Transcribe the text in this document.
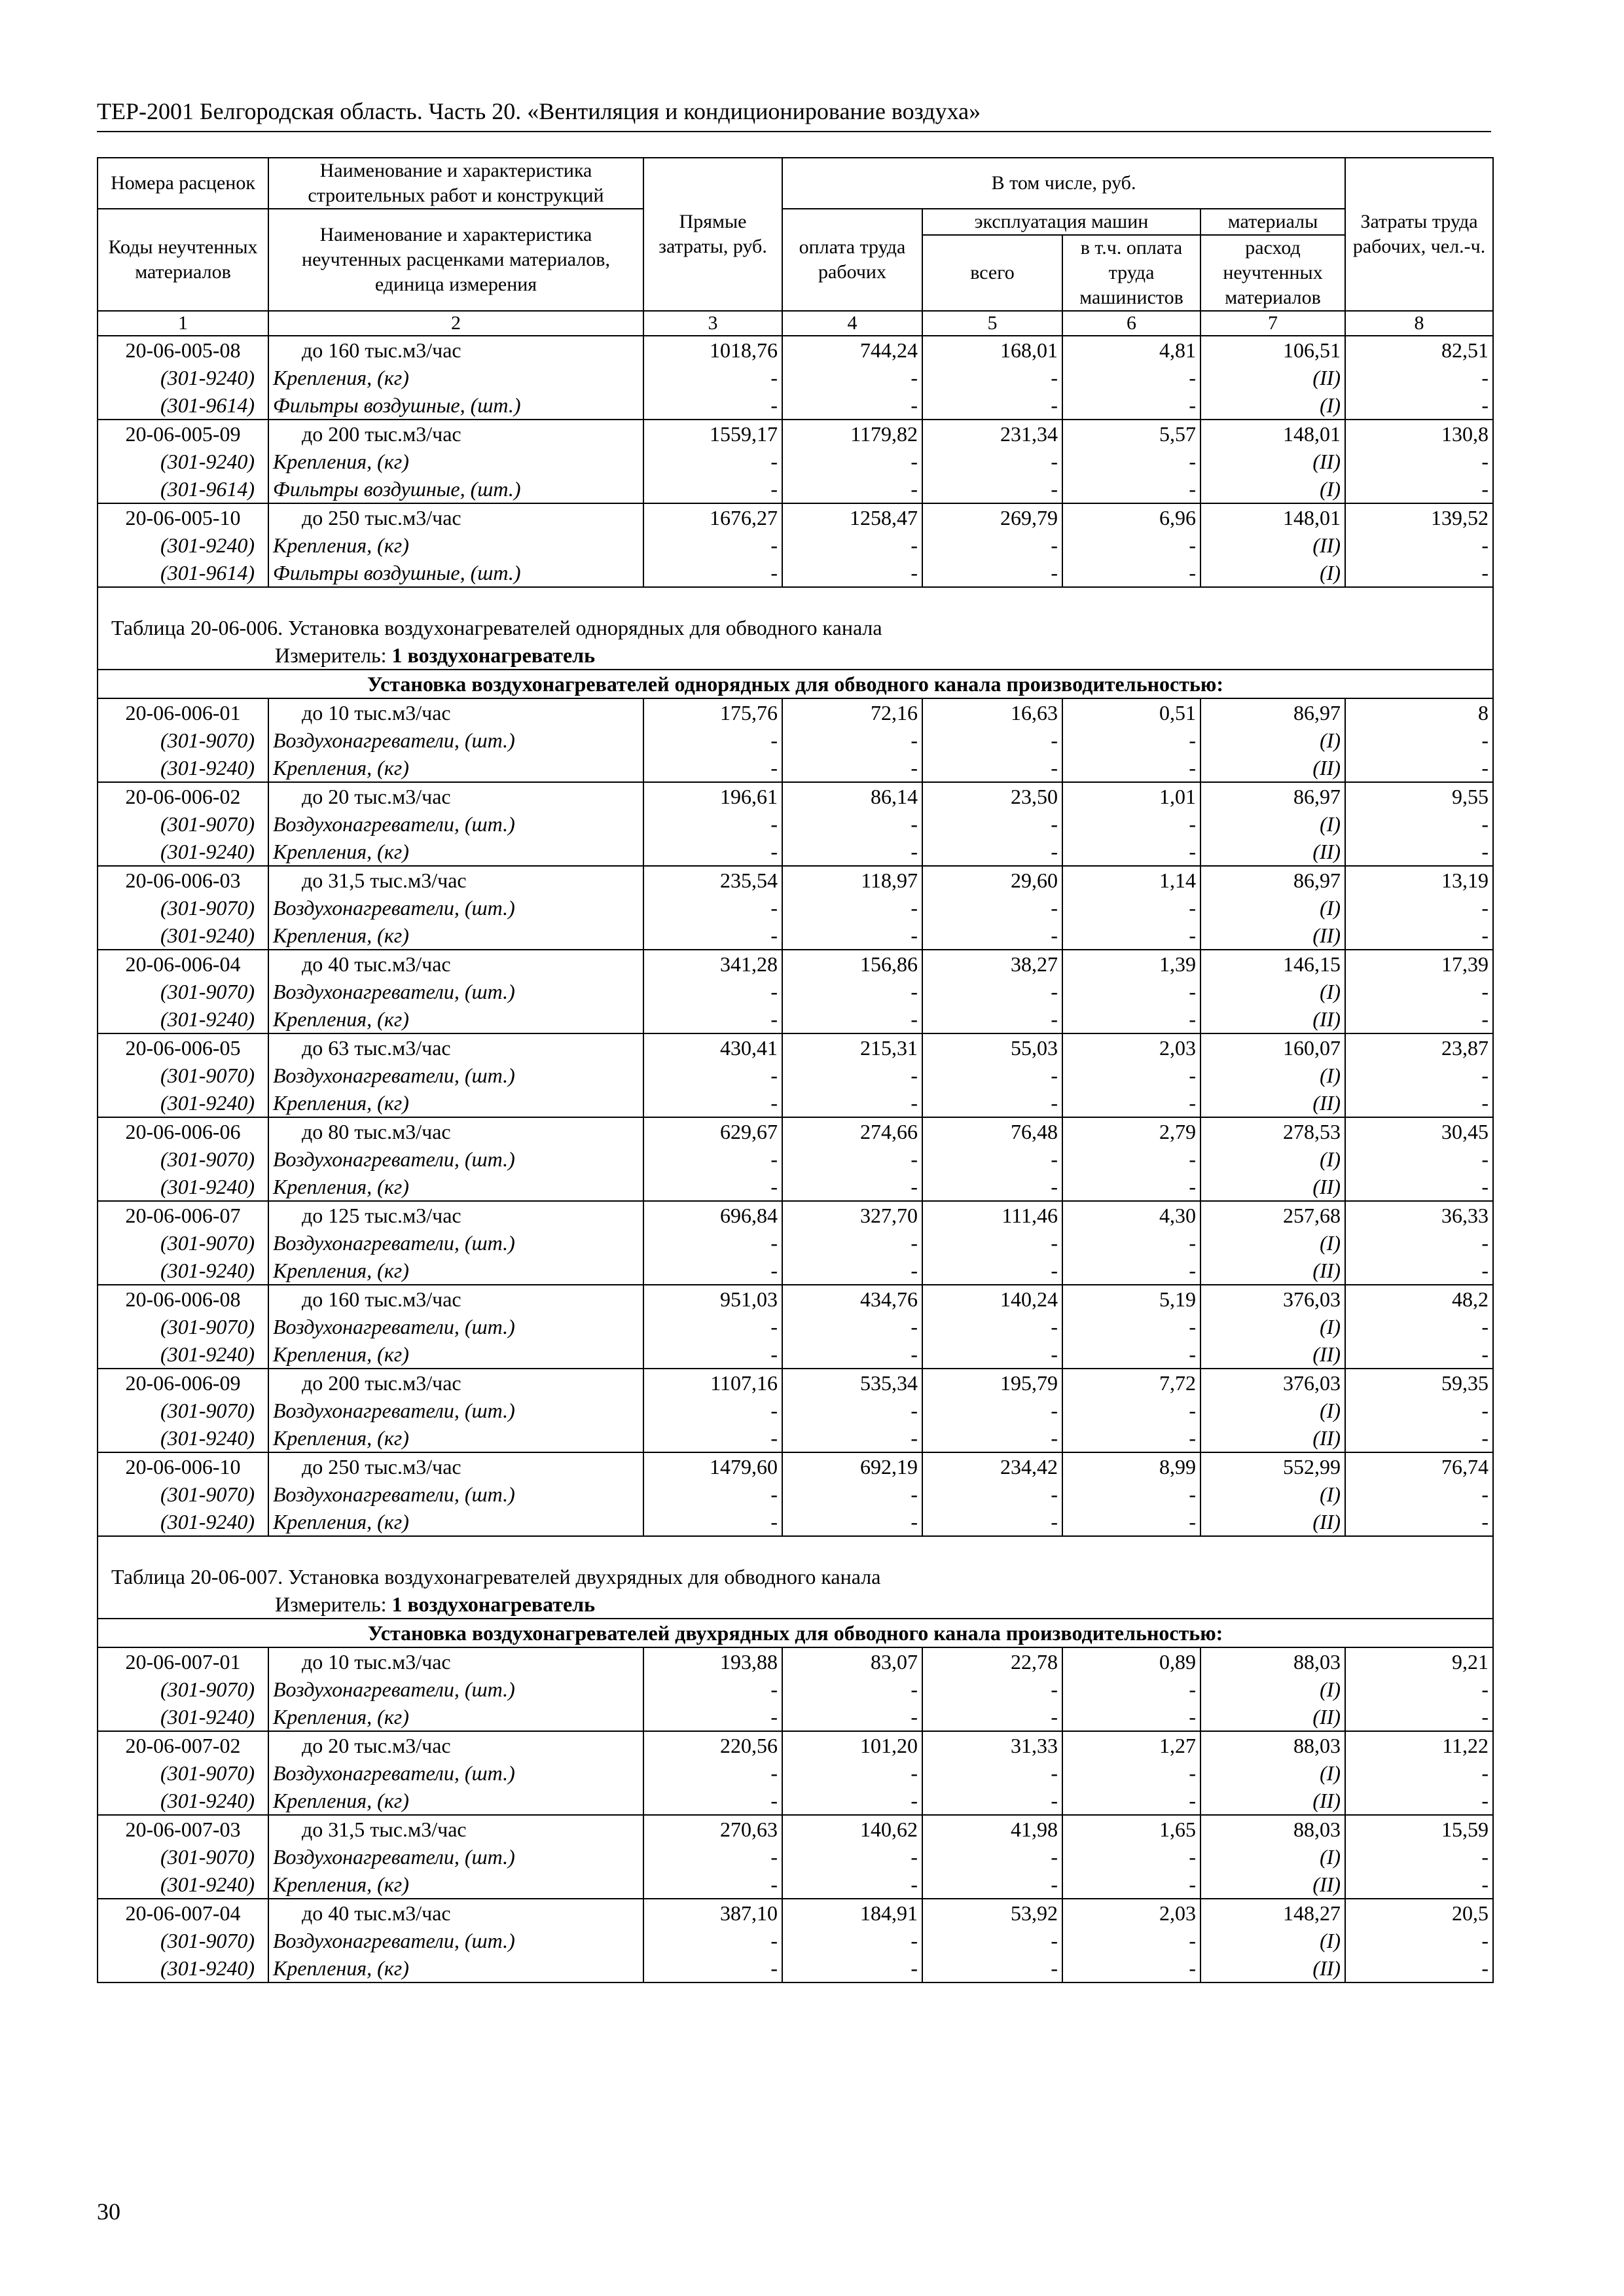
ТЕР-2001 Белгородская область. Часть 20. «Вентиляция и кондиционирование воздуха»
Номера расценок	Наименование и характеристика строительных работ и конструкций	Прямые затраты, руб.	В том числе, руб.				Затраты труда рабочих, чел.-ч.
Коды неучтенных материалов	Наименование и характеристика неучтенных расценками материалов, единица измерения		оплата труда рабочих	эксплуатация машин		материалы	
				всего	в т.ч. оплата труда машинистов	расход неучтенных материалов	
1	2	3	4	5	6	7	8
20-06-005-08	до 160 тыс.м3/час	1018,76	744,24	168,01	4,81	106,51	82,51
(301-9240)	Крепления, (кг)	-	-	-	-	(II)	-
(301-9614)	Фильтры воздушные, (шт.)	-	-	-	-	(I)	-
20-06-005-09	до 200 тыс.м3/час	1559,17	1179,82	231,34	5,57	148,01	130,8
(301-9240)	Крепления, (кг)	-	-	-	-	(II)	-
(301-9614)	Фильтры воздушные, (шт.)	-	-	-	-	(I)	-
20-06-005-10	до 250 тыс.м3/час	1676,27	1258,47	269,79	6,96	148,01	139,52
(301-9240)	Крепления, (кг)	-	-	-	-	(II)	-
(301-9614)	Фильтры воздушные, (шт.)	-	-	-	-	(I)	-
Таблица 20-06-006. Установка воздухонагревателей однорядных для обводного канала							
Измеритель: 1 воздухонагреватель							
Установка воздухонагревателей однорядных для обводного канала производительностью:							
20-06-006-01	до 10 тыс.м3/час	175,76	72,16	16,63	0,51	86,97	8
(301-9070)	Воздухонагреватели, (шт.)	-	-	-	-	(I)	-
(301-9240)	Крепления, (кг)	-	-	-	-	(II)	-
20-06-006-02	до 20 тыс.м3/час	196,61	86,14	23,50	1,01	86,97	9,55
(301-9070)	Воздухонагреватели, (шт.)	-	-	-	-	(I)	-
(301-9240)	Крепления, (кг)	-	-	-	-	(II)	-
20-06-006-03	до 31,5 тыс.м3/час	235,54	118,97	29,60	1,14	86,97	13,19
(301-9070)	Воздухонагреватели, (шт.)	-	-	-	-	(I)	-
(301-9240)	Крепления, (кг)	-	-	-	-	(II)	-
20-06-006-04	до 40 тыс.м3/час	341,28	156,86	38,27	1,39	146,15	17,39
(301-9070)	Воздухонагреватели, (шт.)	-	-	-	-	(I)	-
(301-9240)	Крепления, (кг)	-	-	-	-	(II)	-
20-06-006-05	до 63 тыс.м3/час	430,41	215,31	55,03	2,03	160,07	23,87
(301-9070)	Воздухонагреватели, (шт.)	-	-	-	-	(I)	-
(301-9240)	Крепления, (кг)	-	-	-	-	(II)	-
20-06-006-06	до 80 тыс.м3/час	629,67	274,66	76,48	2,79	278,53	30,45
(301-9070)	Воздухонагреватели, (шт.)	-	-	-	-	(I)	-
(301-9240)	Крепления, (кг)	-	-	-	-	(II)	-
20-06-006-07	до 125 тыс.м3/час	696,84	327,70	111,46	4,30	257,68	36,33
(301-9070)	Воздухонагреватели, (шт.)	-	-	-	-	(I)	-
(301-9240)	Крепления, (кг)	-	-	-	-	(II)	-
20-06-006-08	до 160 тыс.м3/час	951,03	434,76	140,24	5,19	376,03	48,2
(301-9070)	Воздухонагреватели, (шт.)	-	-	-	-	(I)	-
(301-9240)	Крепления, (кг)	-	-	-	-	(II)	-
20-06-006-09	до 200 тыс.м3/час	1107,16	535,34	195,79	7,72	376,03	59,35
(301-9070)	Воздухонагреватели, (шт.)	-	-	-	-	(I)	-
(301-9240)	Крепления, (кг)	-	-	-	-	(II)	-
20-06-006-10	до 250 тыс.м3/час	1479,60	692,19	234,42	8,99	552,99	76,74
(301-9070)	Воздухонагреватели, (шт.)	-	-	-	-	(I)	-
(301-9240)	Крепления, (кг)	-	-	-	-	(II)	-
Таблица 20-06-007. Установка воздухонагревателей двухрядных для обводного канала							
Измеритель: 1 воздухонагреватель							
Установка воздухонагревателей двухрядных для обводного канала производительностью:							
20-06-007-01	до 10 тыс.м3/час	193,88	83,07	22,78	0,89	88,03	9,21
(301-9070)	Воздухонагреватели, (шт.)	-	-	-	-	(I)	-
(301-9240)	Крепления, (кг)	-	-	-	-	(II)	-
20-06-007-02	до 20 тыс.м3/час	220,56	101,20	31,33	1,27	88,03	11,22
(301-9070)	Воздухонагреватели, (шт.)	-	-	-	-	(I)	-
(301-9240)	Крепления, (кг)	-	-	-	-	(II)	-
20-06-007-03	до 31,5 тыс.м3/час	270,63	140,62	41,98	1,65	88,03	15,59
(301-9070)	Воздухонагреватели, (шт.)	-	-	-	-	(I)	-
(301-9240)	Крепления, (кг)	-	-	-	-	(II)	-
20-06-007-04	до 40 тыс.м3/час	387,10	184,91	53,92	2,03	148,27	20,5
(301-9070)	Воздухонагреватели, (шт.)	-	-	-	-	(I)	-
(301-9240)	Крепления, (кг)	-	-	-	-	(II)	-
30
